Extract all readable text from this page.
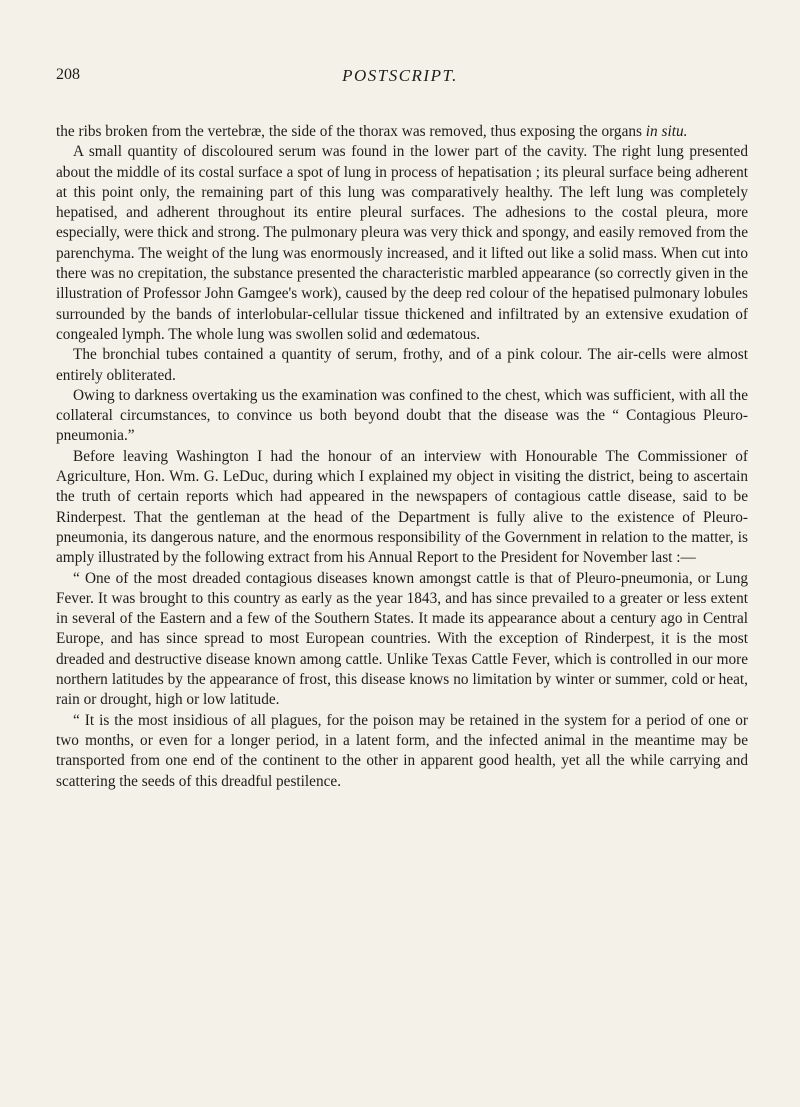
208	POSTSCRIPT.

the ribs broken from the vertebræ, the side of the thorax was removed, thus exposing the organs in situ.

A small quantity of discoloured serum was found in the lower part of the cavity. The right lung presented about the middle of its costal surface a spot of lung in process of hepatisation ; its pleural surface being adherent at this point only, the remaining part of this lung was comparatively healthy. The left lung was completely hepatised, and adherent throughout its entire pleural surfaces. The adhesions to the costal pleura, more especially, were thick and strong. The pulmonary pleura was very thick and spongy, and easily removed from the parenchyma. The weight of the lung was enormously increased, and it lifted out like a solid mass. When cut into there was no crepitation, the substance presented the characteristic marbled appearance (so correctly given in the illustration of Professor John Gamgee's work), caused by the deep red colour of the hepatised pulmonary lobules surrounded by the bands of interlobular-cellular tissue thickened and infiltrated by an extensive exudation of congealed lymph. The whole lung was swollen solid and œdematous.

The bronchial tubes contained a quantity of serum, frothy, and of a pink colour. The air-cells were almost entirely obliterated.

Owing to darkness overtaking us the examination was confined to the chest, which was sufficient, with all the collateral circumstances, to convince us both beyond doubt that the disease was the “ Contagious Pleuro-pneumonia.”

Before leaving Washington I had the honour of an interview with Honourable The Commissioner of Agriculture, Hon. Wm. G. LeDuc, during which I explained my object in visiting the district, being to ascertain the truth of certain reports which had appeared in the newspapers of contagious cattle disease, said to be Rinderpest. That the gentleman at the head of the Department is fully alive to the existence of Pleuro-pneumonia, its dangerous nature, and the enormous responsibility of the Government in relation to the matter, is amply illustrated by the following extract from his Annual Report to the President for November last :—

“ One of the most dreaded contagious diseases known amongst cattle is that of Pleuro-pneumonia, or Lung Fever. It was brought to this country as early as the year 1843, and has since prevailed to a greater or less extent in several of the Eastern and a few of the Southern States. It made its appearance about a century ago in Central Europe, and has since spread to most European countries. With the exception of Rinderpest, it is the most dreaded and destructive disease known among cattle. Unlike Texas Cattle Fever, which is controlled in our more northern latitudes by the appearance of frost, this disease knows no limitation by winter or summer, cold or heat, rain or drought, high or low latitude.

“ It is the most insidious of all plagues, for the poison may be retained in the system for a period of one or two months, or even for a longer period, in a latent form, and the infected animal in the meantime may be transported from one end of the continent to the other in apparent good health, yet all the while carrying and scattering the seeds of this dreadful pestilence.
